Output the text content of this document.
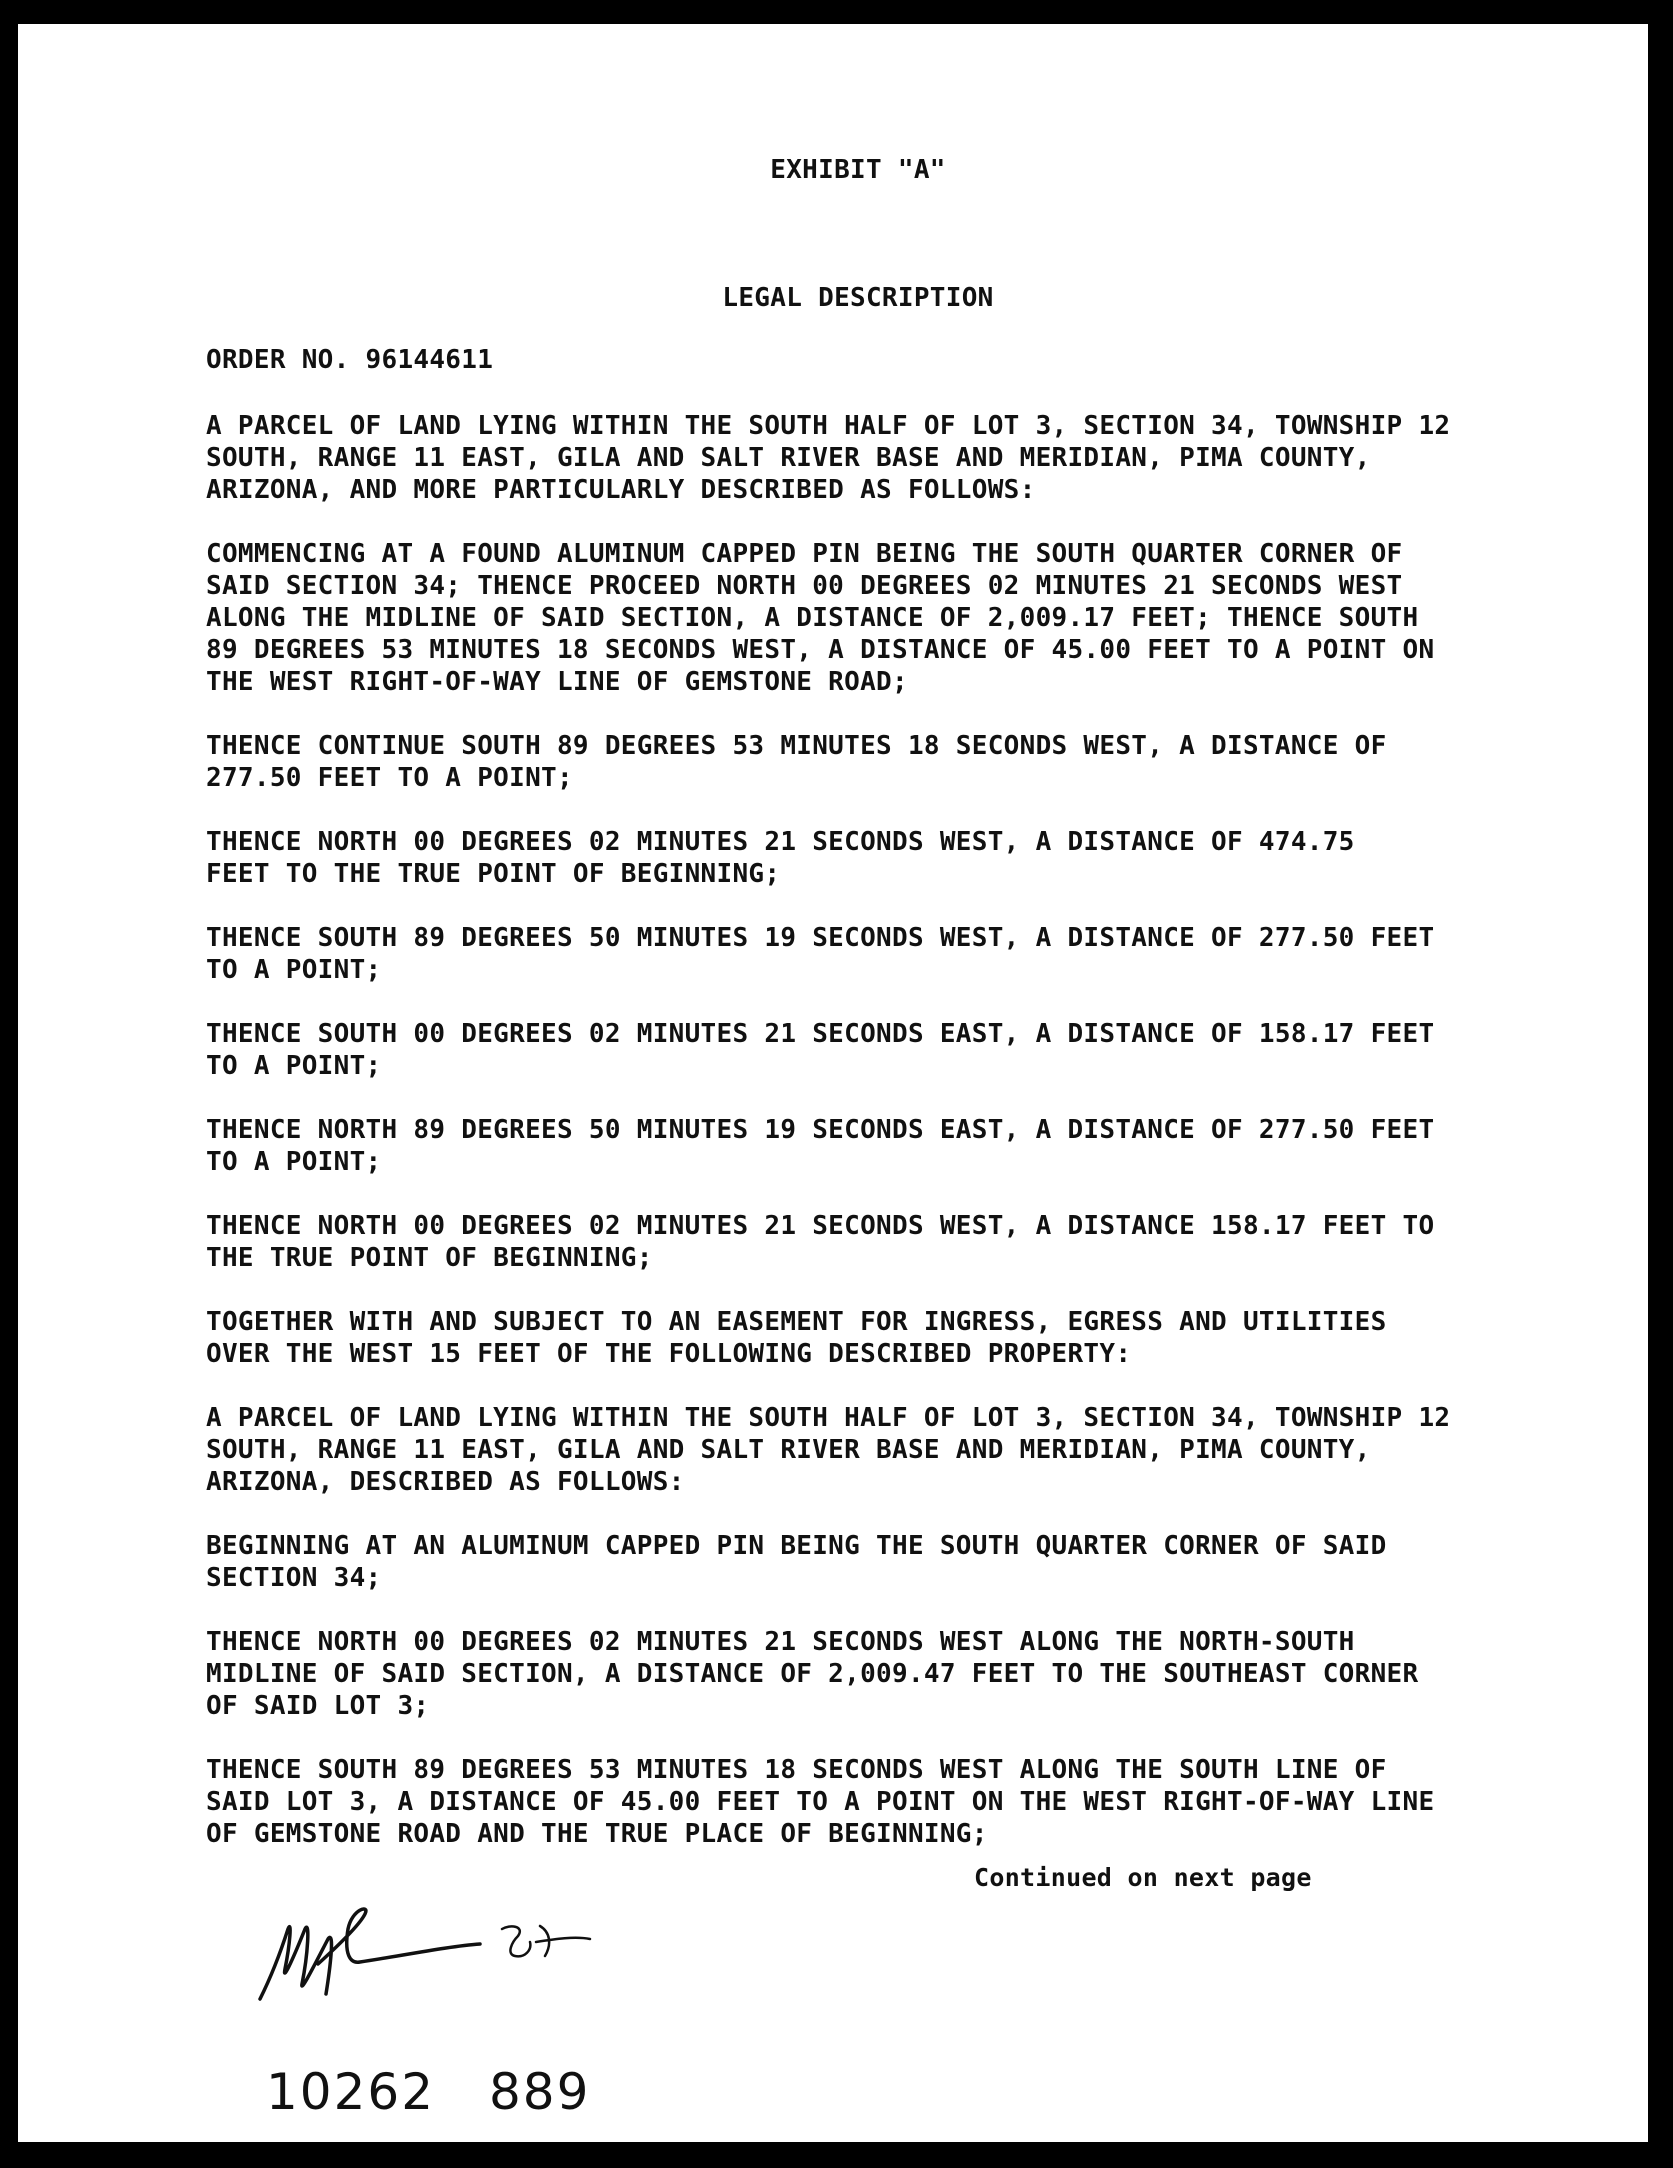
EXHIBIT "A"

LEGAL DESCRIPTION

ORDER NO. 96144611

A PARCEL OF LAND LYING WITHIN THE SOUTH HALF OF LOT 3, SECTION 34, TOWNSHIP 12
SOUTH, RANGE 11 EAST, GILA AND SALT RIVER BASE AND MERIDIAN, PIMA COUNTY,
ARIZONA, AND MORE PARTICULARLY DESCRIBED AS FOLLOWS:

COMMENCING AT A FOUND ALUMINUM CAPPED PIN BEING THE SOUTH QUARTER CORNER OF
SAID SECTION 34; THENCE PROCEED NORTH 00 DEGREES 02 MINUTES 21 SECONDS WEST
ALONG THE MIDLINE OF SAID SECTION, A DISTANCE OF 2,009.17 FEET; THENCE SOUTH
89 DEGREES 53 MINUTES 18 SECONDS WEST, A DISTANCE OF 45.00 FEET TO A POINT ON
THE WEST RIGHT-OF-WAY LINE OF GEMSTONE ROAD;

THENCE CONTINUE SOUTH 89 DEGREES 53 MINUTES 18 SECONDS WEST, A DISTANCE OF
277.50 FEET TO A POINT;

THENCE NORTH 00 DEGREES 02 MINUTES 21 SECONDS WEST, A DISTANCE OF 474.75
FEET TO THE TRUE POINT OF BEGINNING;

THENCE SOUTH 89 DEGREES 50 MINUTES 19 SECONDS WEST, A DISTANCE OF 277.50 FEET
TO A POINT;

THENCE SOUTH 00 DEGREES 02 MINUTES 21 SECONDS EAST, A DISTANCE OF 158.17 FEET
TO A POINT;

THENCE NORTH 89 DEGREES 50 MINUTES 19 SECONDS EAST, A DISTANCE OF 277.50 FEET
TO A POINT;

THENCE NORTH 00 DEGREES 02 MINUTES 21 SECONDS WEST, A DISTANCE 158.17 FEET TO
THE TRUE POINT OF BEGINNING;

TOGETHER WITH AND SUBJECT TO AN EASEMENT FOR INGRESS, EGRESS AND UTILITIES
OVER THE WEST 15 FEET OF THE FOLLOWING DESCRIBED PROPERTY:

A PARCEL OF LAND LYING WITHIN THE SOUTH HALF OF LOT 3, SECTION 34, TOWNSHIP 12
SOUTH, RANGE 11 EAST, GILA AND SALT RIVER BASE AND MERIDIAN, PIMA COUNTY,
ARIZONA, DESCRIBED AS FOLLOWS:

BEGINNING AT AN ALUMINUM CAPPED PIN BEING THE SOUTH QUARTER CORNER OF SAID
SECTION 34;

THENCE NORTH 00 DEGREES 02 MINUTES 21 SECONDS WEST ALONG THE NORTH-SOUTH
MIDLINE OF SAID SECTION, A DISTANCE OF 2,009.47 FEET TO THE SOUTHEAST CORNER
OF SAID LOT 3;

THENCE SOUTH 89 DEGREES 53 MINUTES 18 SECONDS WEST ALONG THE SOUTH LINE OF
SAID LOT 3, A DISTANCE OF 45.00 FEET TO A POINT ON THE WEST RIGHT-OF-WAY LINE
OF GEMSTONE ROAD AND THE TRUE PLACE OF BEGINNING;

Continued on next page

10262 889
